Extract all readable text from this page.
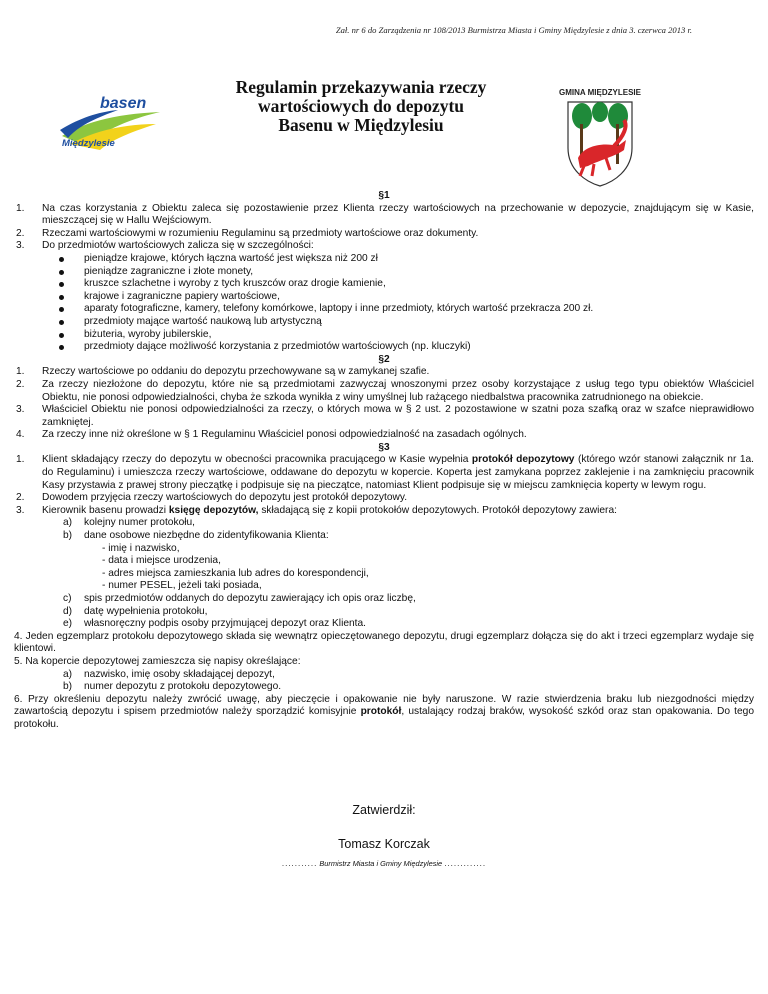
Zał. nr 6 do Zarządzenia nr 108/2013 Burmistrza Miasta i Gminy Międzylesie z dnia 3. czerwca 2013 r.
basen
Międzylesie
Regulamin przekazywania rzeczy
wartościowych do depozytu
Basenu w Międzylesiu
GMINA MIĘDZYLESIE

§1

1. Na czas korzystania z Obiektu zaleca się pozostawienie przez Klienta rzeczy wartościowych na przechowanie w depozycie, znajdującym się w Kasie, mieszczącej się w Hallu Wejściowym.

2. Rzeczami wartościowymi w rozumieniu Regulaminu są przedmioty wartościowe oraz dokumenty.

3. Do przedmiotów wartościowych zalicza się w szczególności:

pieniądze krajowe, których łączna wartość jest większa niż 200 zł

pieniądze zagraniczne i złote monety,

kruszce szlachetne i wyroby z tych kruszców oraz drogie kamienie,

krajowe i zagraniczne papiery wartościowe,

aparaty fotograficzne, kamery, telefony komórkowe, laptopy i inne przedmioty, których wartość przekracza 200 zł.

przedmioty mające wartość naukową lub artystyczną

biżuteria, wyroby jubilerskie,

przedmioty dające możliwość korzystania z przedmiotów wartościowych (np. kluczyki)

§2

1. Rzeczy wartościowe po oddaniu do depozytu przechowywane są w zamykanej szafie.

2. Za rzeczy niezłożone do depozytu, które nie są przedmiotami zazwyczaj wnoszonymi przez osoby korzystające z usług tego typu obiektów Właściciel Obiektu, nie ponosi odpowiedzialności, chyba że szkoda wynikła z winy umyślnej lub rażącego niedbalstwa pracownika zatrudnionego na obiekcie.

3. Właściciel Obiektu nie ponosi odpowiedzialności za rzeczy, o których mowa w § 2 ust. 2 pozostawione w szatni poza szafką oraz w szafce nieprawidłowo zamkniętej.

4. Za rzeczy inne niż określone w § 1 Regulaminu Właściciel ponosi odpowiedzialność na zasadach ogólnych.

§3

1. Klient składający rzeczy do depozytu w obecności pracownika pracującego w Kasie wypełnia protokół depozytowy (którego wzór stanowi załącznik nr 1a. do Regulaminu) i umieszcza rzeczy wartościowe, oddawane do depozytu w kopercie. Koperta jest zamykana poprzez zaklejenie i na zamknięciu pracownik Kasy przystawia z prawej strony pieczątkę i podpisuje się na pieczątce, natomiast Klient podpisuje się w miejscu zamknięcia koperty w lewym rogu.

2. Dowodem przyjęcia rzeczy wartościowych do depozytu jest protokół depozytowy.

3. Kierownik basenu prowadzi księgę depozytów, składającą się z kopii protokołów depozytowych. Protokół depozytowy zawiera:

a) kolejny numer protokołu,

b) dane osobowe niezbędne do zidentyfikowania Klienta:

- imię i nazwisko,

- data i miejsce urodzenia,

- adres miejsca zamieszkania lub adres do korespondencji,

- numer PESEL, jeżeli taki posiada,

c) spis przedmiotów oddanych do depozytu zawierający ich opis oraz liczbę,

d) datę wypełnienia protokołu,

e) własnoręczny podpis osoby przyjmującej depozyt oraz Klienta.

4. Jeden egzemplarz protokołu depozytowego składa się wewnątrz opieczętowanego depozytu, drugi egzemplarz dołącza się do akt i trzeci egzemplarz wydaje się klientowi.

5. Na kopercie depozytowej zamieszcza się napisy określające:

a) nazwisko, imię osoby składającej depozyt,

b) numer depozytu z protokołu depozytowego.

6. Przy określeniu depozytu należy zwrócić uwagę, aby pieczęcie i opakowanie nie były naruszone. W razie stwierdzenia braku lub niezgodności między zawartością depozytu i spisem przedmiotów należy sporządzić komisyjnie protokół, ustalający rodzaj braków, wysokość szkód oraz stan opakowania. Do tego protokołu.

Zatwierdził:
Tomasz Korczak
........... Burmistrz Miasta i Gminy Międzylesie .............
